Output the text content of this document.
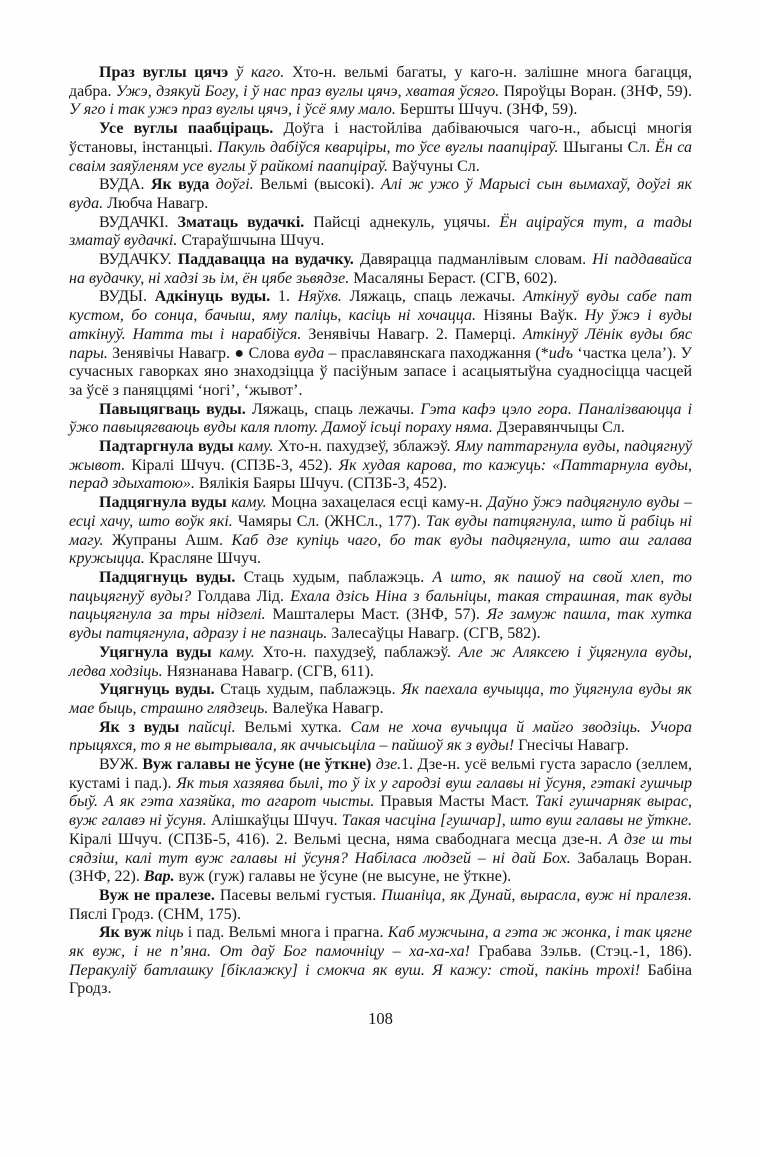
Праз вуглы цячэ ў каго. Хто-н. вельмі багаты, у каго-н. залішне многа багацця, дабра. Ужэ, дзякуй Богу, і ў нас праз вуглы цячэ, хватая ўсяго. Пяроўцы Воран. (ЗНФ, 59). У яго і так ужэ праз вуглы цячэ, і ўсё яму мало. Бершты Шчуч. (ЗНФ, 59).

Усе вуглы паабціраць. Доўга і настойліва дабіваючыся чаго-н., абысці многія ўстановы, інстанцыі. Пакуль дабіўся кварціры, то ўсе вуглы паапціраў. Шыганы Сл. Ён са сваім заяўленям усе вуглы ў райкомі паапціраў. Ваўчуны Сл.

ВУДА. Як вуда доўгі. Вельмі (высокі). Алі ж ужо ў Марысі сын вымахаў, доўгі як вуда. Любча Навагр.

ВУДАЧКІ. Зматаць вудачкі. Пайсці аднекуль, уцячы. Ён аціраўся тут, а тады зматаў вудачкі. Стараўшчына Шчуч.

ВУДАЧКУ. Паддавацца на вудачку. Давярацца падманлівым словам. Ні паддавайса на вудачку, ні хадзі зь ім, ён цябе зьвядзе. Масаляны Бераст. (СГВ, 602).

ВУДЫ. Адкінуць вуды. 1. Няўхв. Ляжаць, спаць лежачы. Аткінуў вуды сабе пат кустом, бо сонца, бачыш, яму паліць, касіць ні хочацца. Нізяны Ваўк. Ну ўжэ і вуды аткінуў. Натта ты і нарабіўся. Зенявічы Навагр. 2. Памерці. Аткінуў Лёнік вуды бяс пары. Зенявічы Навагр. ● Слова вуда – праславянскага паходжання (*udъ ‘частка цела’). У сучасных гаворках яно знаходзіцца ў пасіўным запасе і асацыятыўна суадносіцца часцей за ўсё з паняццямі ‘ногі’, ‘жывот’.

Павыцягваць вуды. Ляжаць, спаць лежачы. Гэта кафэ цэло гора. Паналізваюцца і ўжо павыцягваюць вуды каля плоту. Дамоў ісьці пораху няма. Дзеравянчыцы Сл.

Падтаргнула вуды каму. Хто-н. пахудзеў, зблажэў. Яму паттаргнула вуды, падцягнуў жывот. Кіралі Шчуч. (СПЗБ-3, 452). Як худая карова, то кажуць: «Паттарнула вуды, перад здыхатою». Вялікія Баяры Шчуч. (СПЗБ-3, 452).

Падцягнула вуды каму. Моцна захацелася есці каму-н. Даўно ўжэ падцягнуло вуды – есці хачу, што воўк які. Чамяры Сл. (ЖНСл., 177). Так вуды патцягнула, што й рабіць ні магу. Жупраны Ашм. Каб дзе купіць чаго, бо так вуды падцягнула, што аш галава кружыцца. Красляне Шчуч.

Падцягнуць вуды. Стаць худым, паблажэць. А што, як пашоў на свой хлеп, то пацьцягнуў вуды? Голдава Лід. Ехала дзісь Ніна з бальніцы, такая страшная, так вуды пацьцягнула за тры нідзелі. Машталеры Маст. (ЗНФ, 57). Яг замуж пашла, так хутка вуды патцягнула, адразу і не пазнаць. Залесаўцы Навагр. (СГВ, 582).

Уцягнула вуды каму. Хто-н. пахудзеў, паблажэў. Але ж Аляксею і ўцягнула вуды, ледва ходзіць. Нязнанава Навагр. (СГВ, 611).

Уцягнуць вуды. Стаць худым, паблажэць. Як паехала вучыцца, то ўцягнула вуды як мае быць, страшно глядзець. Валеўка Навагр.

Як з вуды пайсці. Вельмі хутка. Сам не хоча вучыцца й майго зводзіць. Учора прыцяхся, то я не вытрывала, як аччысьціла – пайшоў як з вуды! Гнесічы Навагр.

ВУЖ. Вуж галавы не ўсуне (не ўткне) дзе.1. Дзе-н. усё вельмі густа зарасло (зеллем, кустамі і пад.). Як тыя хазяява былі, то ў іх у гародзі вуш галавы ні ўсуня, гэтакі гушчыр быў. А як гэта хазяйка, то агарот чысты. Правыя Масты Маст. Такі гушчарняк вырас, вуж галавэ ні ўсуня. Алішкаўцы Шчуч. Такая часціна [гушчар], што вуш галавы не ўткне. Кіралі Шчуч. (СПЗБ-5, 416). 2. Вельмі цесна, няма свабоднага месца дзе-н. А дзе ш ты сядзіш, калі тут вуж галавы ні ўсуня? Набіласа людзей – ні дай Бох. Забалаць Воран. (ЗНФ, 22). Вар. вуж (гуж) галавы не ўсуне (не высуне, не ўткне).

Вуж не пралезе. Пасевы вельмі густыя. Пшаніца, як Дунай, вырасла, вуж ні пралезя. Пяслі Гродз. (СНМ, 175).

Як вуж піць і пад. Вельмі многа і прагна. Каб мужчына, а гэта ж жонка, і так цягне як вуж, і не п’яна. От даў Бог памочніцу – ха-ха-ха! Грабава Зэльв. (Стэц.-1, 186). Перакуліў батлашку [біклажку] і смокча як вуш. Я кажу: стой, пакінь трохі! Бабіна Гродз.

108
